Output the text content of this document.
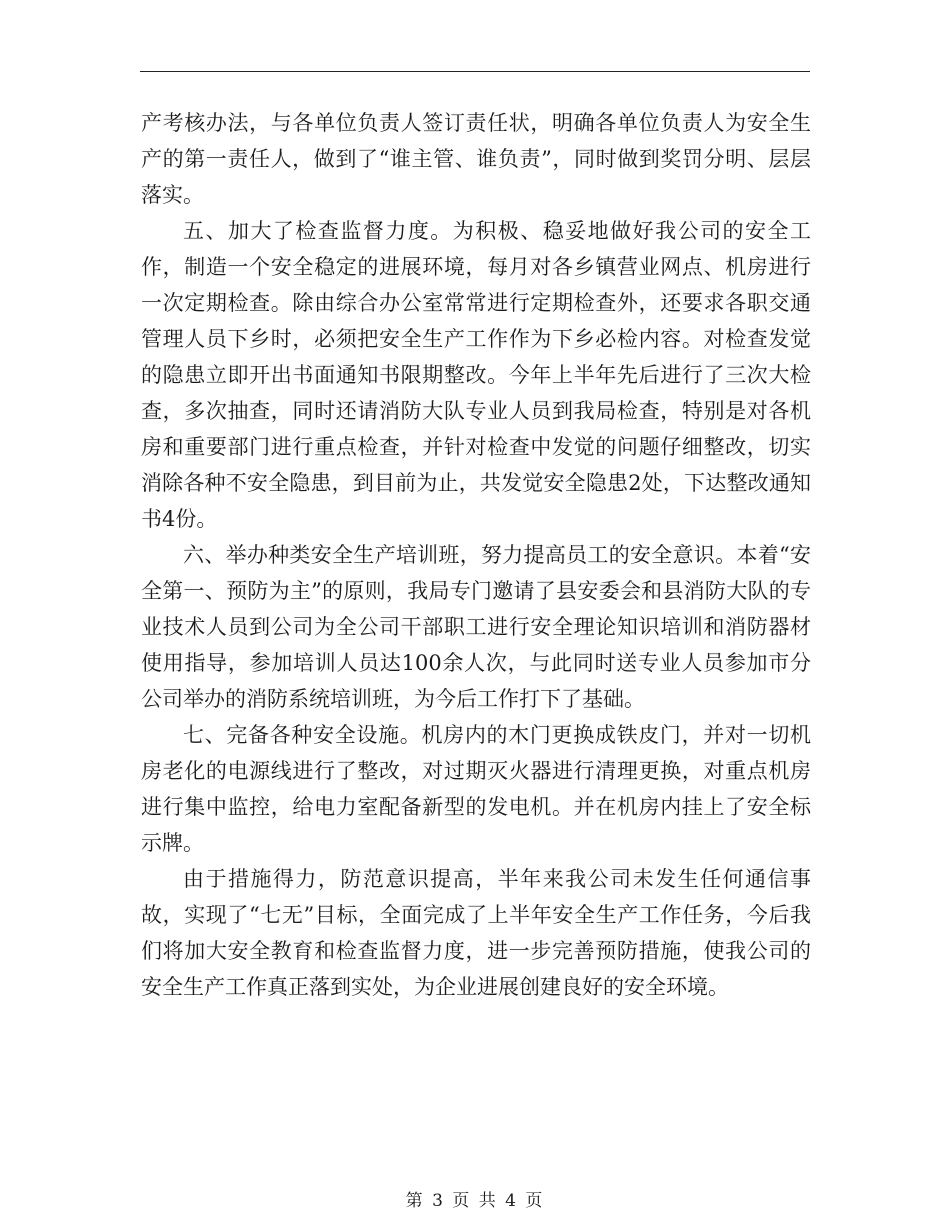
产考核办法，与各单位负责人签订责任状，明确各单位负责人为安全生产的第一责任人，做到了“谁主管、谁负责”，同时做到奖罚分明、层层落实。

五、加大了检查监督力度。为积极、稳妥地做好我公司的安全工作，制造一个安全稳定的进展环境，每月对各乡镇营业网点、机房进行一次定期检查。除由综合办公室常常进行定期检查外，还要求各职交通管理人员下乡时，必须把安全生产工作作为下乡必检内容。对检查发觉的隐患立即开出书面通知书限期整改。今年上半年先后进行了三次大检查，多次抽查，同时还请消防大队专业人员到我局检查，特别是对各机房和重要部门进行重点检查，并针对检查中发觉的问题仔细整改，切实消除各种不安全隐患，到目前为止，共发觉安全隐患2处，下达整改通知书4份。

六、举办种类安全生产培训班，努力提高员工的安全意识。本着“安全第一、预防为主”的原则，我局专门邀请了县安委会和县消防大队的专业技术人员到公司为全公司干部职工进行安全理论知识培训和消防器材使用指导，参加培训人员达100余人次，与此同时送专业人员参加市分公司举办的消防系统培训班，为今后工作打下了基础。

七、完备各种安全设施。机房内的木门更换成铁皮门，并对一切机房老化的电源线进行了整改，对过期灭火器进行清理更换，对重点机房进行集中监控，给电力室配备新型的发电机。并在机房内挂上了安全标示牌。

由于措施得力，防范意识提高，半年来我公司未发生任何通信事故，实现了“七无”目标，全面完成了上半年安全生产工作任务，今后我们将加大安全教育和检查监督力度，进一步完善预防措施，使我公司的安全生产工作真正落到实处，为企业进展创建良好的安全环境。

第 3 页 共 4 页
